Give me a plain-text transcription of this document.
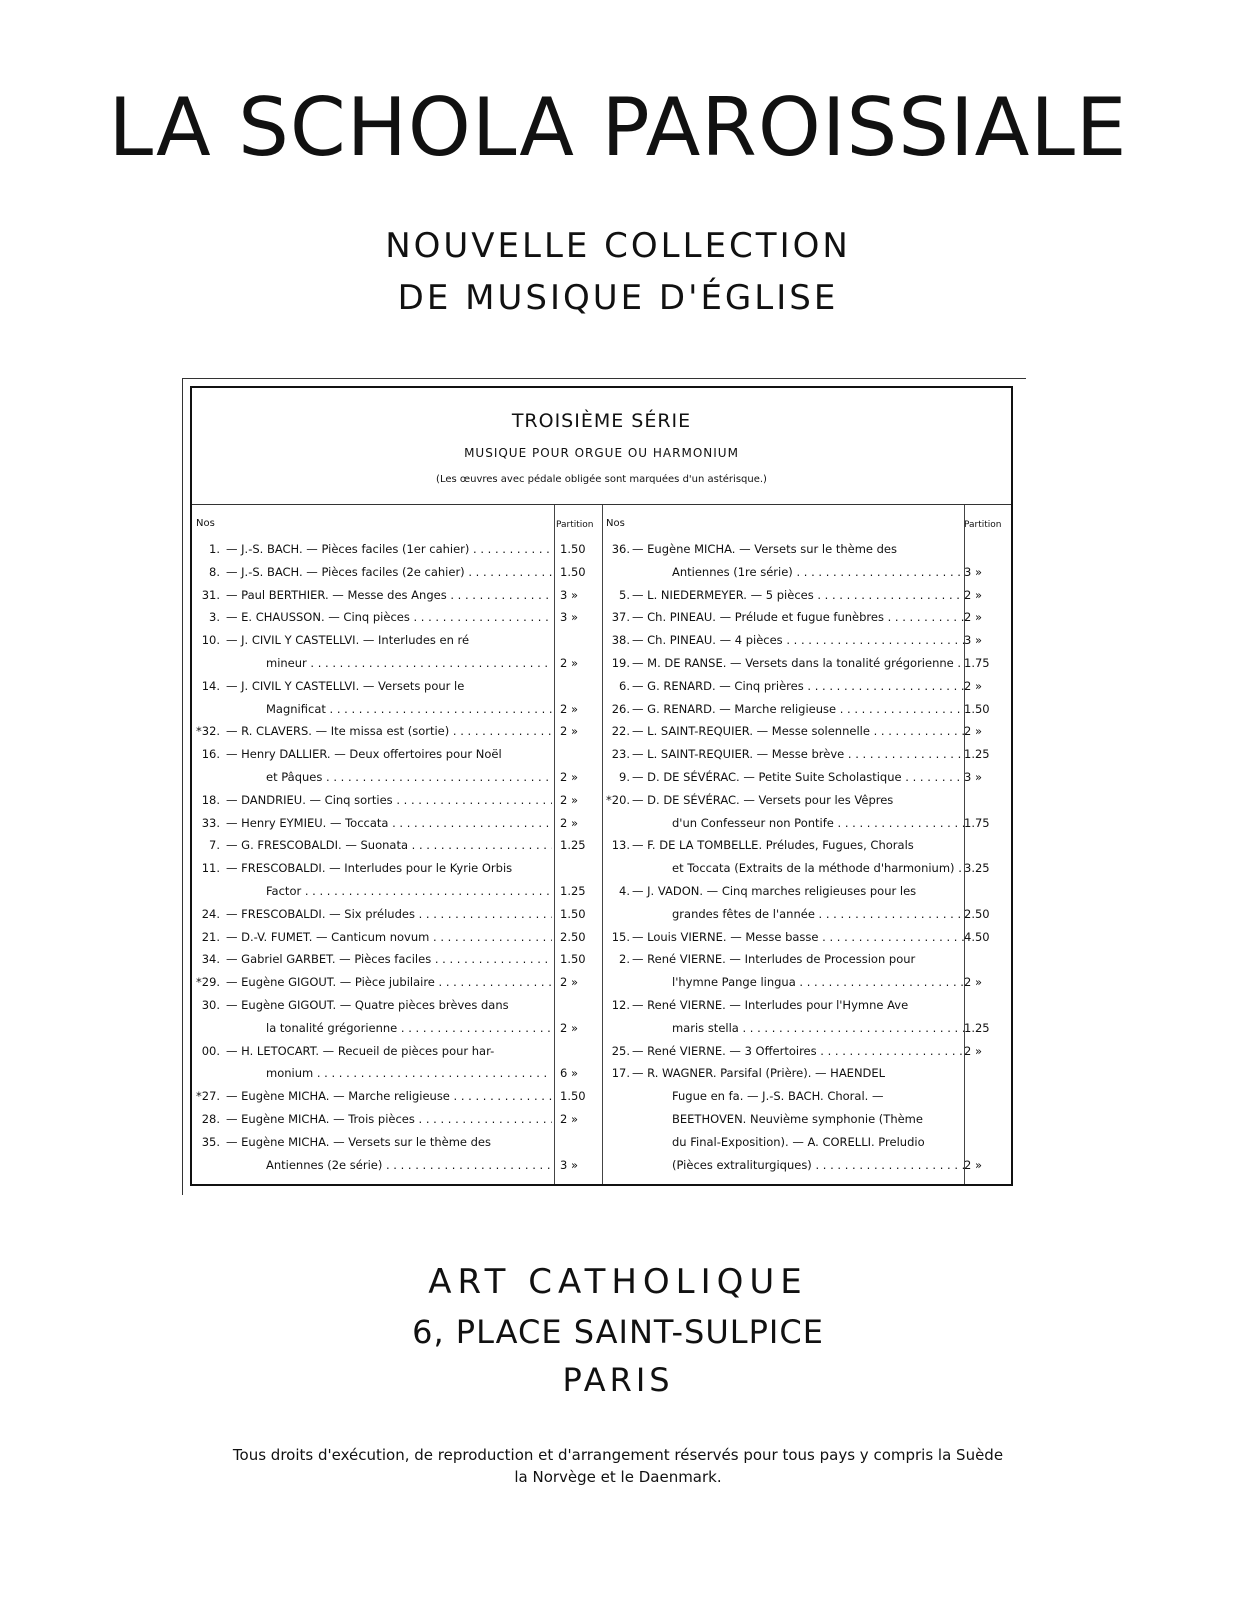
LA SCHOLA PAROISSIALE

NOUVELLE COLLECTION

DE MUSIQUE D'ÉGLISE

TROISIÈME SÉRIE
MUSIQUE POUR ORGUE OU HARMONIUM
(Les œuvres avec pédale obligée sont marquées d'un astérisque.)
Nos	Partition
1. — J.-S. BACH. — Pièces faciles (1er cahier) . . .	1.50
8. — J.-S. BACH. — Pièces faciles (2e cahier) . . .	1.50
31. — Paul BERTHIER. — Messe des Anges . . .	3 »
3. — E. CHAUSSON. — Cinq pièces . . .	3 »
10. — J. CIVIL Y CASTELLVI. — Interludes en ré
mineur . . .	2 »
14. — J. CIVIL Y CASTELLVI. — Versets pour le
Magnificat . . .	2 »
*32. — R. CLAVERS. — Ite missa est (sortie) . . .	2 »
16. — Henry DALLIER. — Deux offertoires pour Noël
et Pâques . . .	2 »
18. — DANDRIEU. — Cinq sorties . . .	2 »
33. — Henry EYMIEU. — Toccata . . .	2 »
7. — G. FRESCOBALDI. — Suonata . . .	1.25
11. — FRESCOBALDI. — Interludes pour le Kyrie Orbis
Factor . . .	1.25
24. — FRESCOBALDI. — Six préludes . . .	1.50
21. — D.-V. FUMET. — Canticum novum . . .	2.50
34. — Gabriel GARBET. — Pièces faciles . . .	1.50
*29. — Eugène GIGOUT. — Pièce jubilaire . . .	2 »
30. — Eugène GIGOUT. — Quatre pièces brèves dans
la tonalité grégorienne . . .	2 »
00. — H. LETOCART. — Recueil de pièces pour har-
monium . . .	6 »
*27. — Eugène MICHA. — Marche religieuse . . .	1.50
28. — Eugène MICHA. — Trois pièces . . .	2 »
35. — Eugène MICHA. — Versets sur le thème des
Antiennes (2e série) . . .	3 »
Nos	Partition
36. — Eugène MICHA. — Versets sur le thème des
Antiennes (1re série) . . .	3 »
5. — L. NIEDERMEYER. — 5 pièces . . .	2 »
37. — Ch. PINEAU. — Prélude et fugue funèbres . . .	2 »
38. — Ch. PINEAU. — 4 pièces . . .	3 »
19. — M. DE RANSE. — Versets dans la tonalité grégorienne . . . 1.75
6. — G. RENARD. — Cinq prières . . .	2 »
26. — G. RENARD. — Marche religieuse . . .	1.50
22. — L. SAINT-REQUIER. — Messe solennelle . . .	2 »
23. — L. SAINT-REQUIER. — Messe brève . . .	1.25
9. — D. DE SÉVÉRAC. — Petite Suite Scholastique . . .	3 »
*20. — D. DE SÉVÉRAC. — Versets pour les Vêpres
d'un Confesseur non Pontife . . .	1.75
13. — F. DE LA TOMBELLE. Préludes, Fugues, Chorals
et Toccata (Extraits de la méthode d'harmonium) . . . 3.25
4. — J. VADON. — Cinq marches religieuses pour les
grandes fêtes de l'année . . .	2.50
15. — Louis VIERNE. — Messe basse . . .	4.50
2. — René VIERNE. — Interludes de Procession pour
l'hymne Pange lingua . . .	2 »
12. — René VIERNE. — Interludes pour l'Hymne Ave
maris stella . . .	1.25
25. — René VIERNE. — 3 Offertoires . . .	2 »
17. — R. WAGNER. Parsifal (Prière). — HAENDEL
Fugue en fa. — J.-S. BACH. Choral. —
BEETHOVEN. Neuvième symphonie (Thème
du Final-Exposition). — A. CORELLI. Preludio
(Pièces extraliturgiques) . . .	2 »

ART CATHOLIQUE

6, PLACE SAINT-SULPICE

PARIS

Tous droits d'exécution, de reproduction et d'arrangement réservés pour tous pays y compris la Suède

la Norvège et le Daenmark.
